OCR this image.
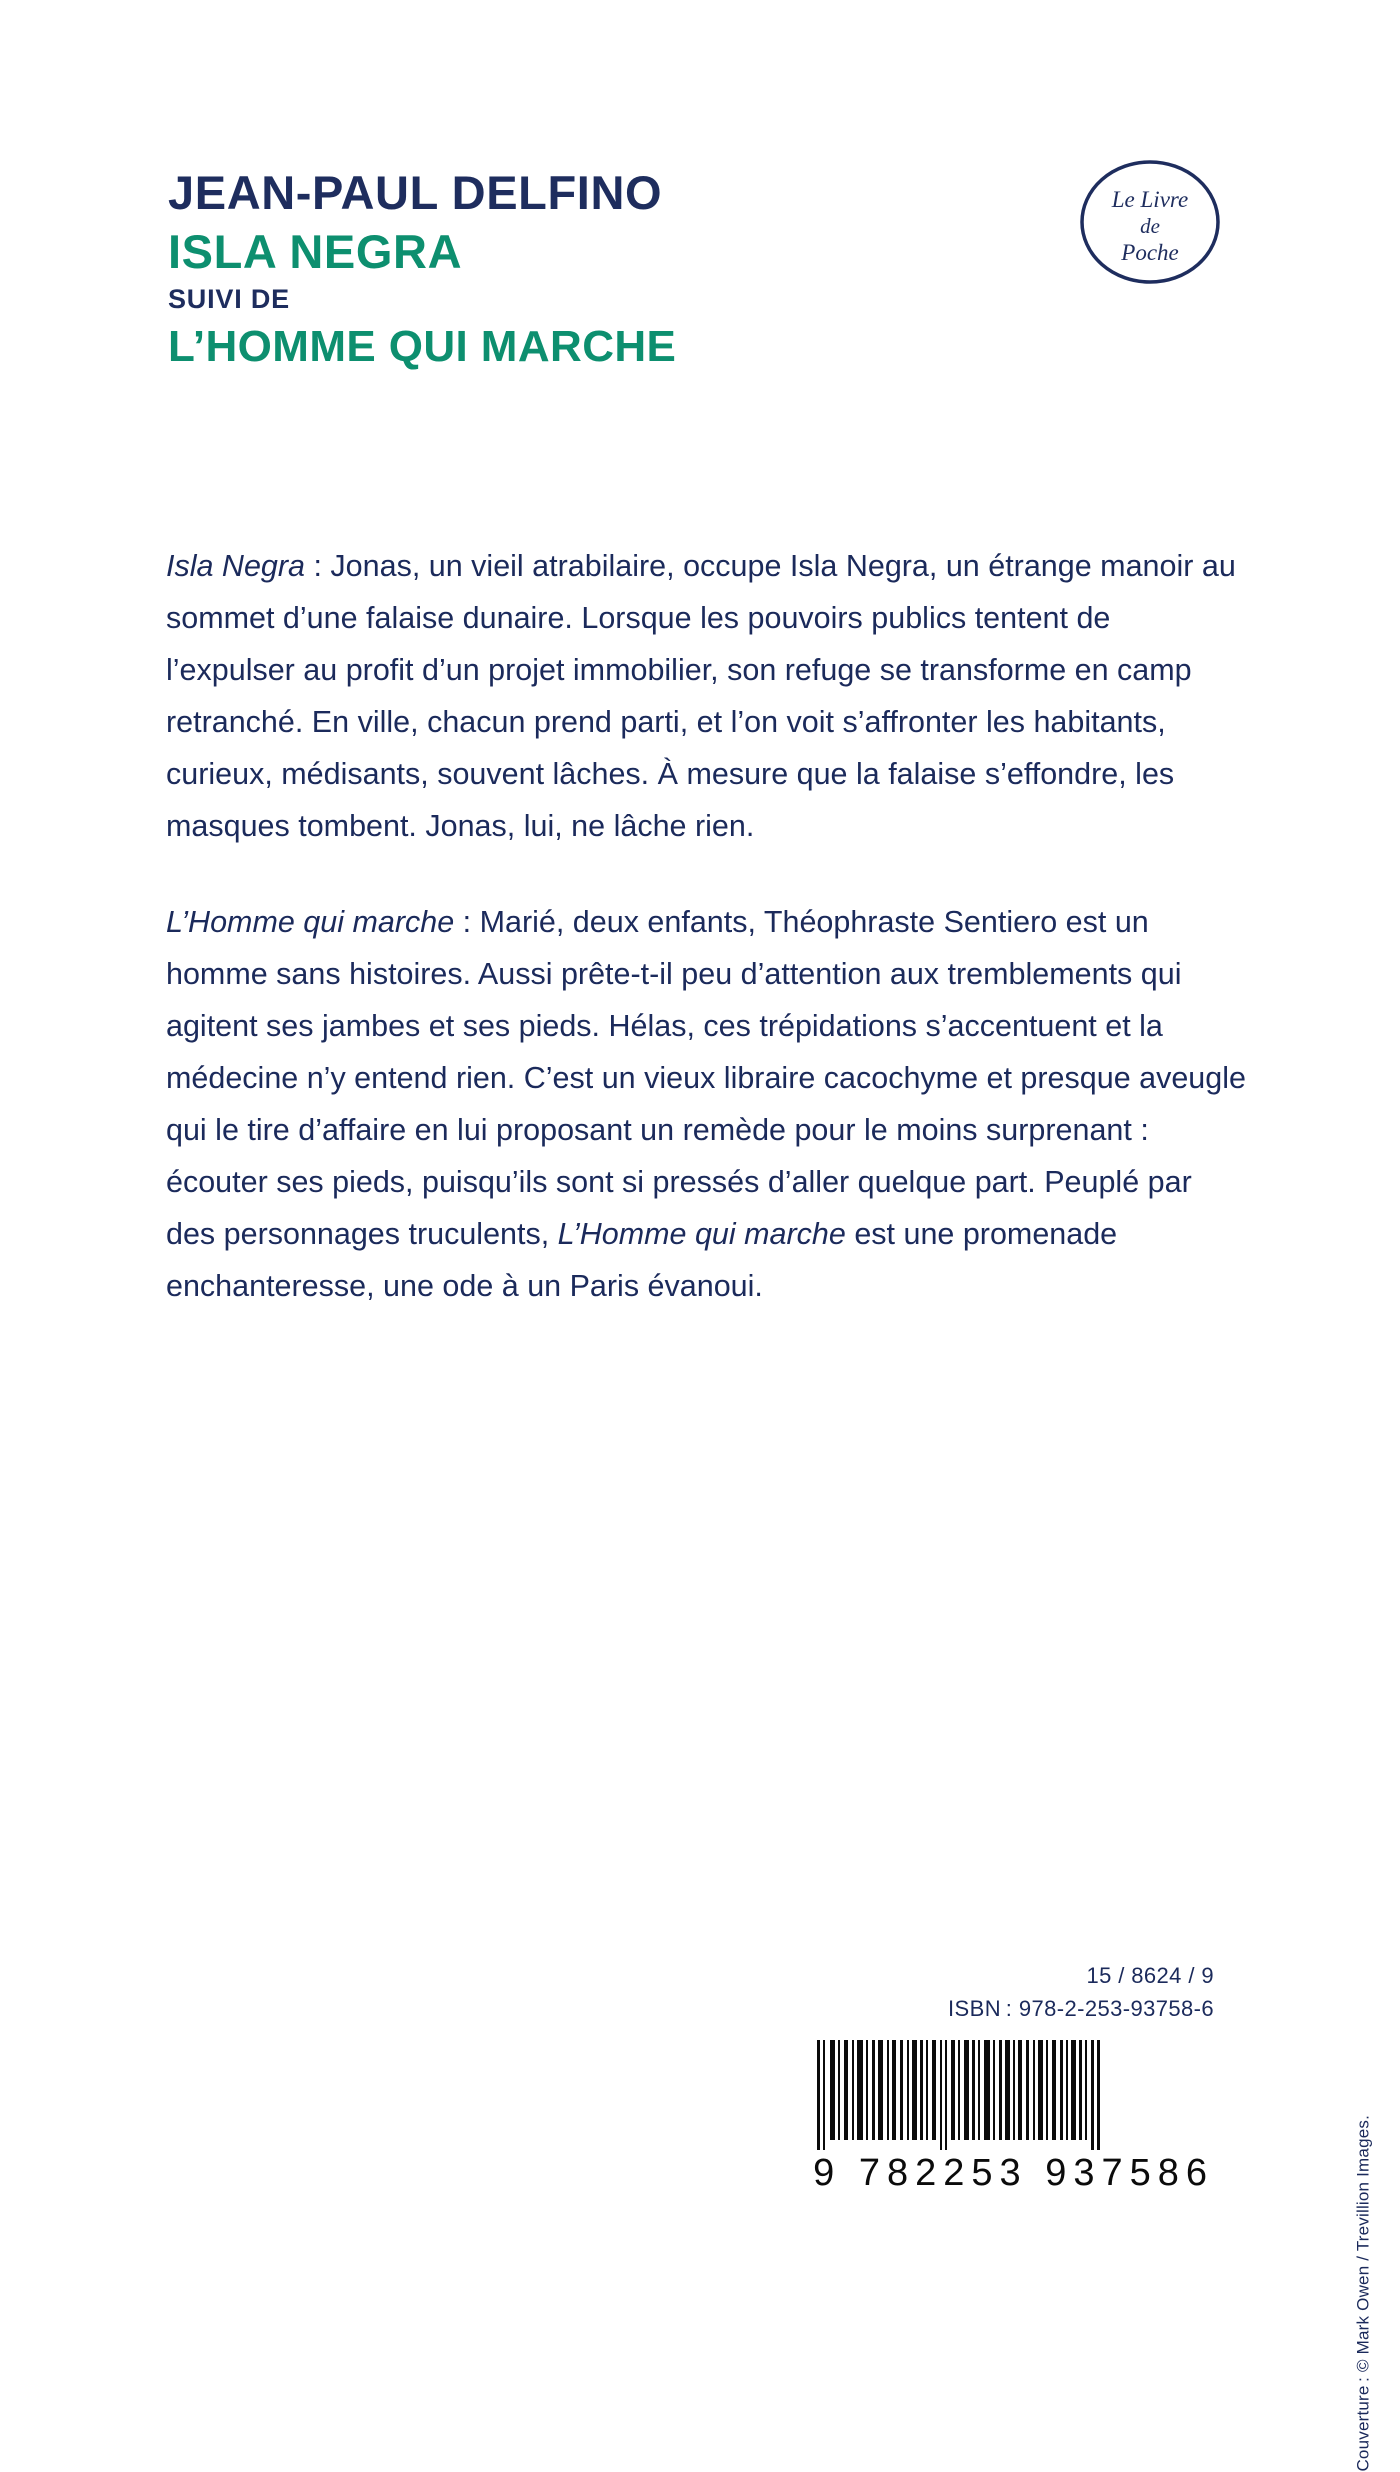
JEAN-PAUL DELFINO
ISLA NEGRA
SUIVI DE
L’HOMME QUI MARCHE
Le Livre
de
Poche

Isla Negra : Jonas, un vieil atrabilaire, occupe Isla Negra, un étrange manoir au sommet d’une falaise dunaire. Lorsque les pouvoirs publics tentent de l’expulser au profit d’un projet immobilier, son refuge se transforme en camp retranché. En ville, chacun prend parti, et l’on voit s’affronter les habitants, curieux, médisants, souvent lâches. À mesure que la falaise s’effondre, les masques tombent. Jonas, lui, ne lâche rien.

L’Homme qui marche : Marié, deux enfants, Théophraste Sentiero est un homme sans histoires. Aussi prête-t-il peu d’attention aux tremblements qui agitent ses jambes et ses pieds. Hélas, ces trépidations s’accentuent et la médecine n’y entend rien. C’est un vieux libraire cacochyme et presque aveugle qui le tire d’affaire en lui proposant un remède pour le moins surprenant : écouter ses pieds, puisqu’ils sont si pressés d’aller quelque part. Peuplé par des personnages truculents, L’Homme qui marche est une promenade enchanteresse, une ode à un Paris évanoui.

Couverture : © Mark Owen / Trevillion Images.
15 / 8624 / 9
ISBN : 978-2-253-93758-6
9 782253 937586
